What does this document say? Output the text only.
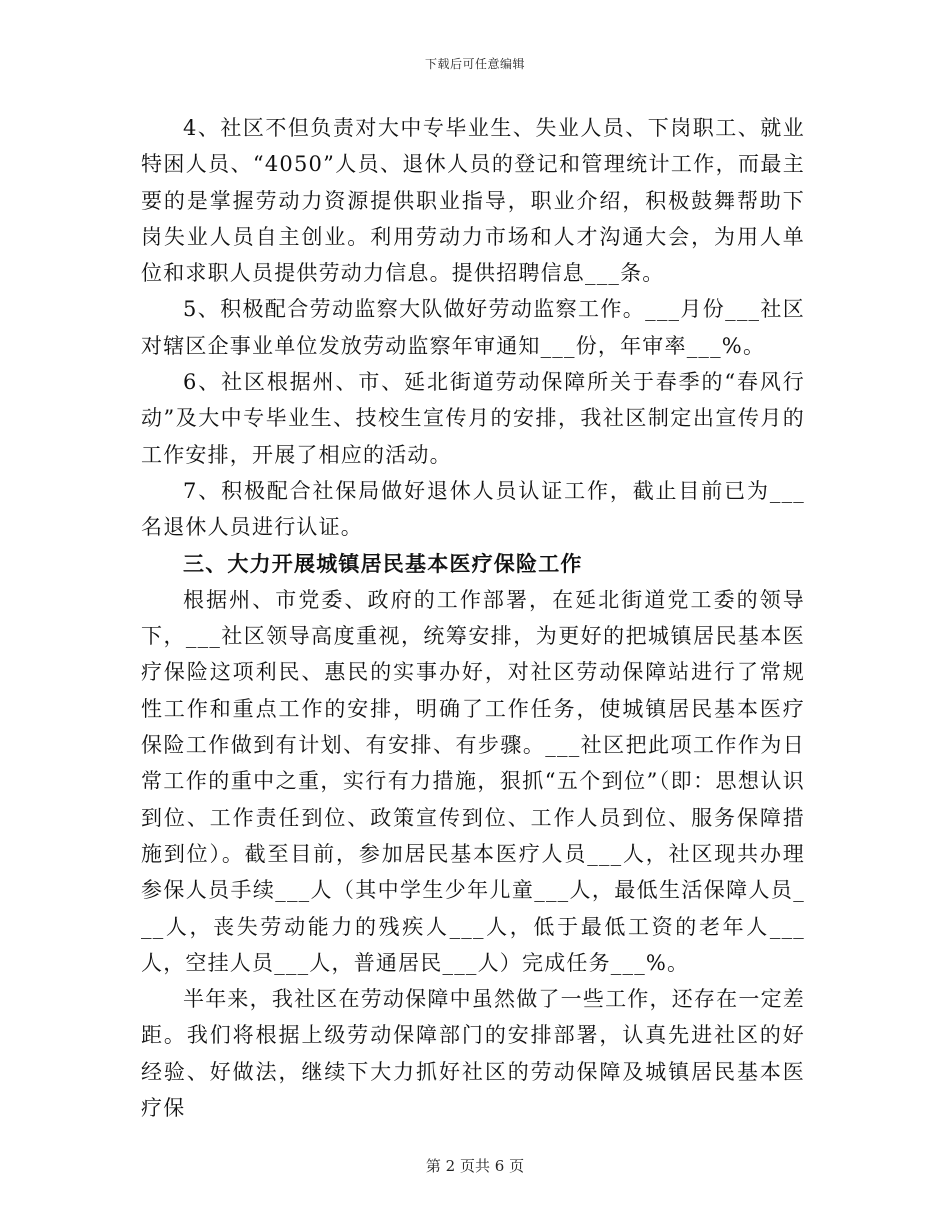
下载后可任意编辑

4、社区不但负责对大中专毕业生、失业人员、下岗职工、就业特困人员、“4050”人员、退休人员的登记和管理统计工作，而最主要的是掌握劳动力资源提供职业指导，职业介绍，积极鼓舞帮助下岗失业人员自主创业。利用劳动力市场和人才沟通大会，为用人单位和求职人员提供劳动力信息。提供招聘信息___条。

5、积极配合劳动监察大队做好劳动监察工作。___月份___社区对辖区企事业单位发放劳动监察年审通知___份，年审率___%。

6、社区根据州、市、延北街道劳动保障所关于春季的“春风行动”及大中专毕业生、技校生宣传月的安排，我社区制定出宣传月的工作安排，开展了相应的活动。

7、积极配合社保局做好退休人员认证工作，截止目前已为___名退休人员进行认证。

三、大力开展城镇居民基本医疗保险工作

根据州、市党委、政府的工作部署，在延北街道党工委的领导下，___社区领导高度重视，统筹安排，为更好的把城镇居民基本医疗保险这项利民、惠民的实事办好，对社区劳动保障站进行了常规性工作和重点工作的安排，明确了工作任务，使城镇居民基本医疗保险工作做到有计划、有安排、有步骤。___社区把此项工作作为日常工作的重中之重，实行有力措施，狠抓“五个到位”（即：思想认识到位、工作责任到位、政策宣传到位、工作人员到位、服务保障措施到位）。截至目前，参加居民基本医疗人员___人，社区现共办理参保人员手续___人（其中学生少年儿童___人，最低生活保障人员___人，丧失劳动能力的残疾人___人，低于最低工资的老年人___人，空挂人员___人，普通居民___人）完成任务___%。

半年来，我社区在劳动保障中虽然做了一些工作，还存在一定差距。我们将根据上级劳动保障部门的安排部署，认真先进社区的好经验、好做法，继续下大力抓好社区的劳动保障及城镇居民基本医疗保

第 2 页共 6 页
